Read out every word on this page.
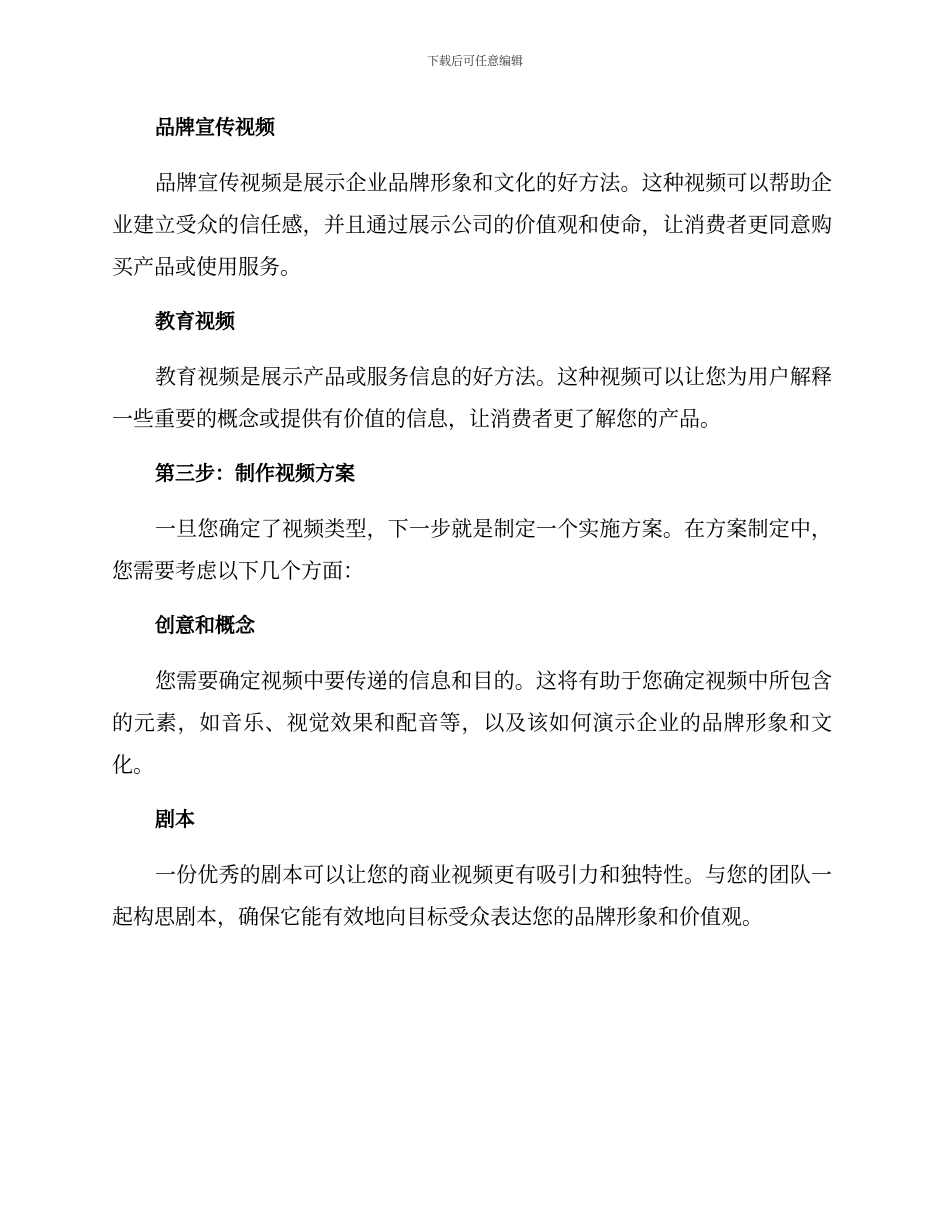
下载后可任意编辑
品牌宣传视频

品牌宣传视频是展示企业品牌形象和文化的好方法。这种视频可以帮助企业建立受众的信任感，并且通过展示公司的价值观和使命，让消费者更同意购买产品或使用服务。

教育视频

教育视频是展示产品或服务信息的好方法。这种视频可以让您为用户解释一些重要的概念或提供有价值的信息，让消费者更了解您的产品。

第三步：制作视频方案

一旦您确定了视频类型，下一步就是制定一个实施方案。在方案制定中，您需要考虑以下几个方面：

创意和概念

您需要确定视频中要传递的信息和目的。这将有助于您确定视频中所包含的元素，如音乐、视觉效果和配音等，以及该如何演示企业的品牌形象和文化。

剧本

一份优秀的剧本可以让您的商业视频更有吸引力和独特性。与您的团队一起构思剧本，确保它能有效地向目标受众表达您的品牌形象和价值观。
